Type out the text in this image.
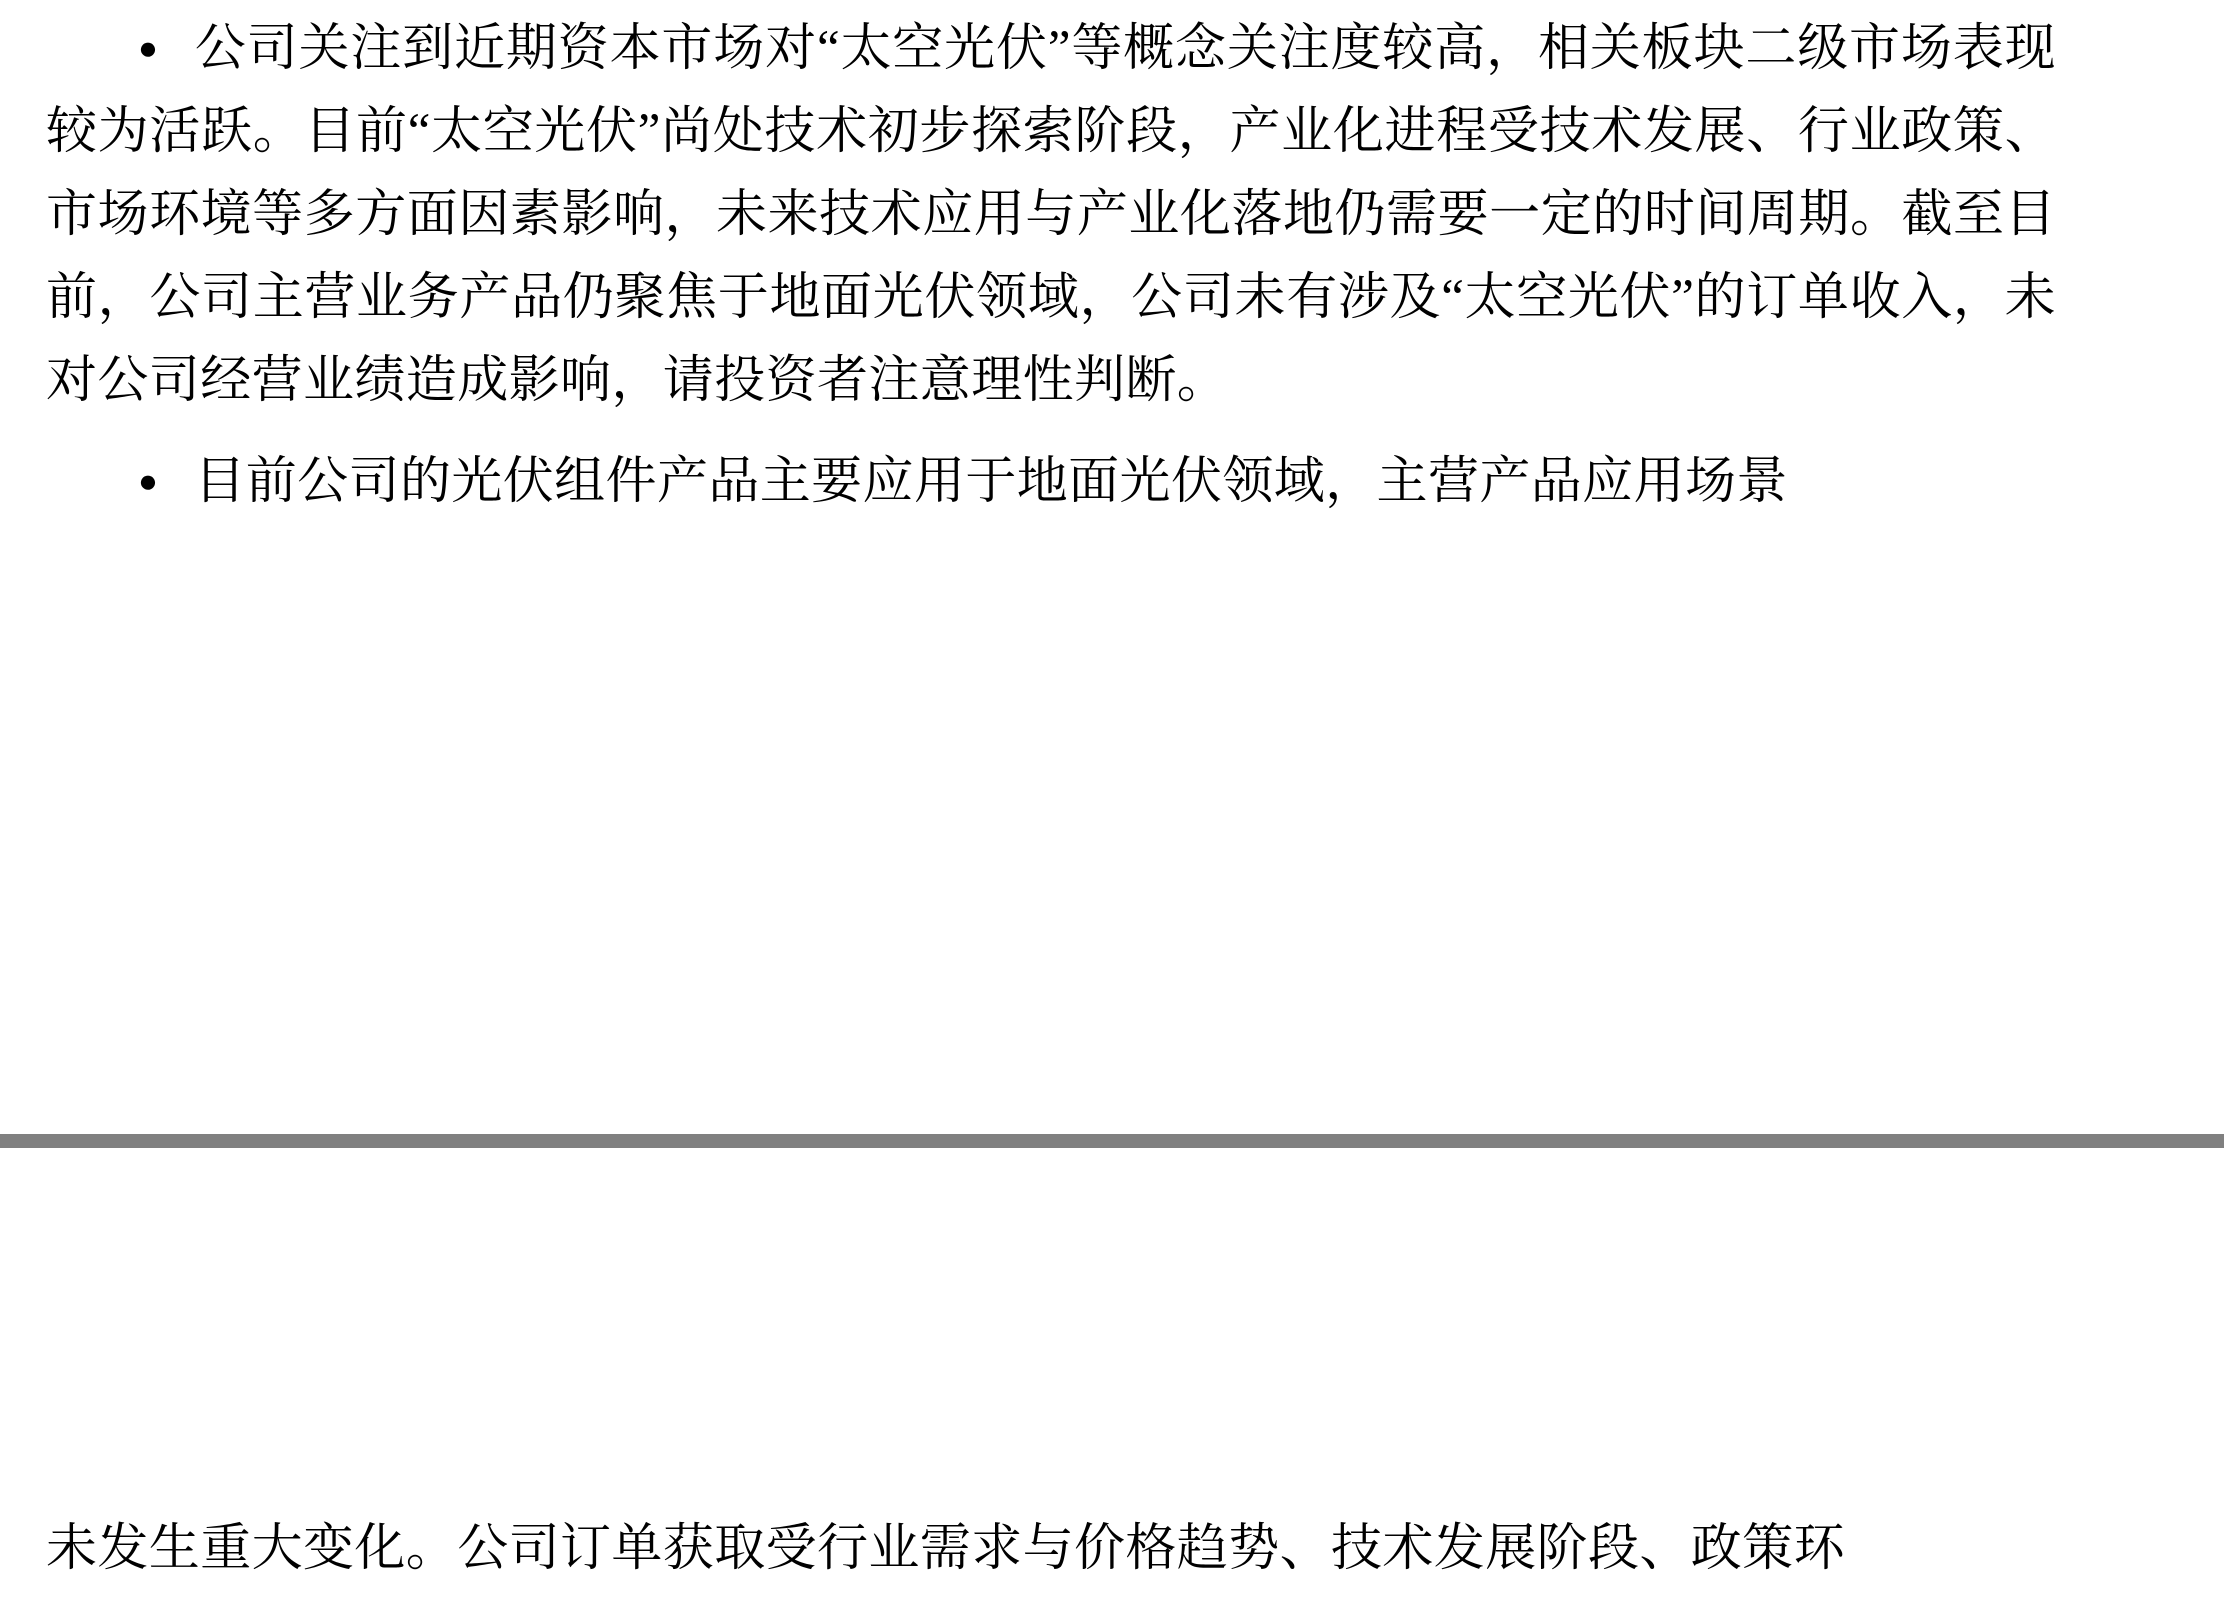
● 公司关注到近期资本市场对“太空光伏”等概念关注度较高，相关板块二级市场表现较为活跃。目前“太空光伏”尚处技术初步探索阶段，产业化进程受技术发展、行业政策、市场环境等多方面因素影响，未来技术应用与产业化落地仍需要一定的时间周期。截至目前，公司主营业务产品仍聚焦于地面光伏领域，公司未有涉及“太空光伏”的订单收入，未对公司经营业绩造成影响，请投资者注意理性判断。

● 目前公司的光伏组件产品主要应用于地面光伏领域，主营产品应用场景

未发生重大变化。公司订单获取受行业需求与价格趋势、技术发展阶段、政策环
